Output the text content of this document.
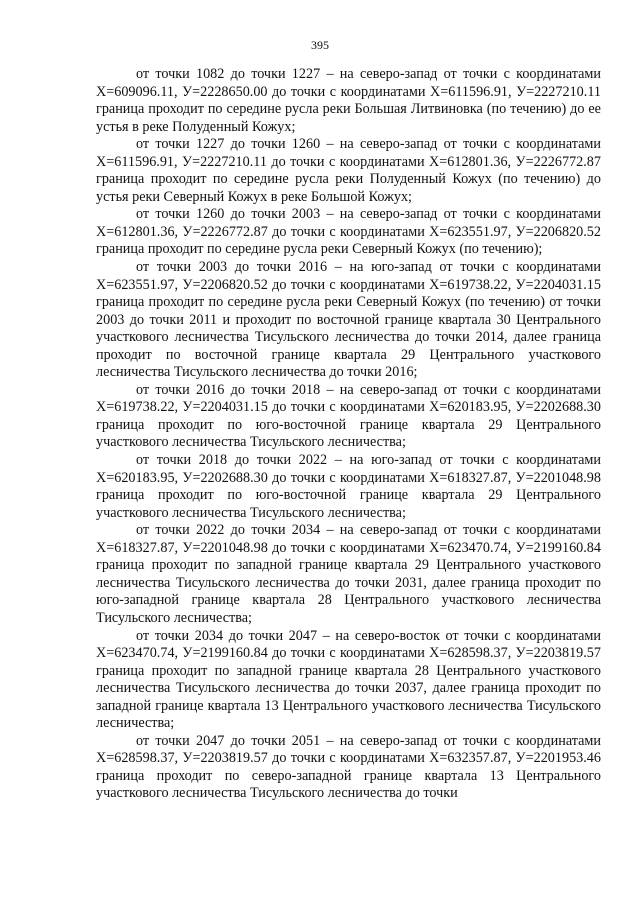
395

от точки 1082 до точки 1227 – на северо-запад от точки с координатами Х=609096.11, У=2228650.00 до точки с координатами Х=611596.91, У=2227210.11 граница проходит по середине русла реки Большая Литвиновка (по течению) до ее устья в реке Полуденный Кожух;

от точки 1227 до точки 1260 – на северо-запад от точки с координатами Х=611596.91, У=2227210.11 до точки с координатами Х=612801.36, У=2226772.87 граница проходит по середине русла реки Полуденный Кожух (по течению) до устья реки Северный Кожух в реке Большой Кожух;

от точки 1260 до точки 2003 – на северо-запад от точки с координатами Х=612801.36, У=2226772.87 до точки с координатами Х=623551.97, У=2206820.52 граница проходит по середине русла реки Северный Кожух (по течению);

от точки 2003 до точки 2016 – на юго-запад от точки с координатами Х=623551.97, У=2206820.52 до точки с координатами Х=619738.22, У=2204031.15 граница проходит по середине русла реки Северный Кожух (по течению) от точки 2003 до точки 2011 и проходит по восточной границе квартала 30 Центрального участкового лесничества Тисульского лесничества до точки 2014, далее граница проходит по восточной границе квартала 29 Центрального участкового лесничества Тисульского лесничества до точки 2016;

от точки 2016 до точки 2018 – на северо-запад от точки с координатами Х=619738.22, У=2204031.15 до точки с координатами Х=620183.95, У=2202688.30 граница проходит по юго-восточной границе квартала 29 Центрального участкового лесничества Тисульского лесничества;

от точки 2018 до точки 2022 – на юго-запад от точки с координатами Х=620183.95, У=2202688.30 до точки с координатами Х=618327.87, У=2201048.98 граница проходит по юго-восточной границе квартала 29 Центрального участкового лесничества Тисульского лесничества;

от точки 2022 до точки 2034 – на северо-запад от точки с координатами Х=618327.87, У=2201048.98 до точки с координатами Х=623470.74, У=2199160.84 граница проходит по западной границе квартала 29 Центрального участкового лесничества Тисульского лесничества до точки 2031, далее граница проходит по юго-западной границе квартала 28 Центрального участкового лесничества Тисульского лесничества;

от точки 2034 до точки 2047 – на северо-восток от точки с координатами Х=623470.74, У=2199160.84 до точки с координатами Х=628598.37, У=2203819.57 граница проходит по западной границе квартала 28 Центрального участкового лесничества Тисульского лесничества до точки 2037, далее граница проходит по западной границе квартала 13 Центрального участкового лесничества Тисульского лесничества;

от точки 2047 до точки 2051 – на северо-запад от точки с координатами Х=628598.37, У=2203819.57 до точки с координатами Х=632357.87, У=2201953.46 граница проходит по северо-западной границе квартала 13 Центрального участкового лесничества Тисульского лесничества до точки
